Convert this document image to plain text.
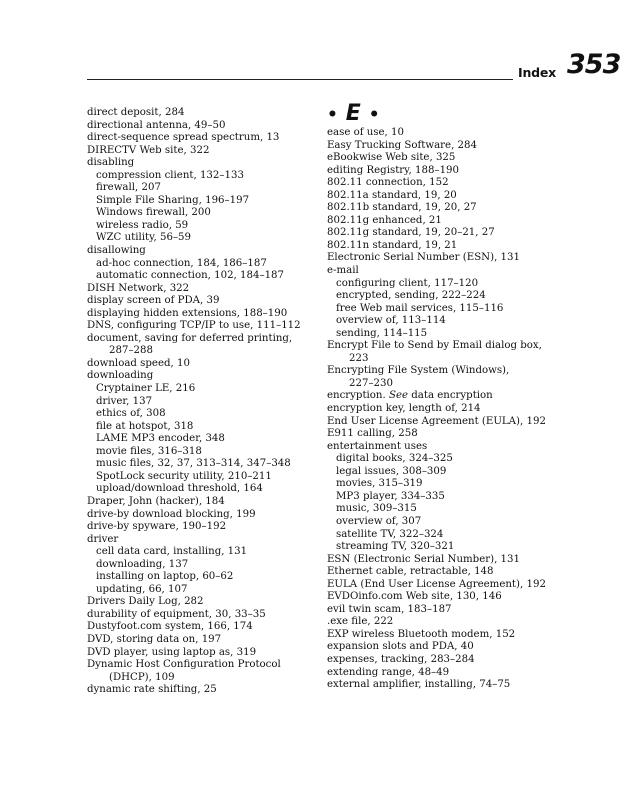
Index 353
direct deposit, 284
directional antenna, 49–50
direct-sequence spread spectrum, 13
DIRECTV Web site, 322
disabling
compression client, 132–133
firewall, 207
Simple File Sharing, 196–197
Windows firewall, 200
wireless radio, 59
WZC utility, 56–59
disallowing
ad-hoc connection, 184, 186–187
automatic connection, 102, 184–187
DISH Network, 322
display screen of PDA, 39
displaying hidden extensions, 188–190
DNS, configuring TCP/IP to use, 111–112
document, saving for deferred printing,
287–288
download speed, 10
downloading
Cryptainer LE, 216
driver, 137
ethics of, 308
file at hotspot, 318
LAME MP3 encoder, 348
movie files, 316–318
music files, 32, 37, 313–314, 347–348
SpotLock security utility, 210–211
upload/download threshold, 164
Draper, John (hacker), 184
drive-by download blocking, 199
drive-by spyware, 190–192
driver
cell data card, installing, 131
downloading, 137
installing on laptop, 60–62
updating, 66, 107
Drivers Daily Log, 282
durability of equipment, 30, 33–35
Dustyfoot.com system, 166, 174
DVD, storing data on, 197
DVD player, using laptop as, 319
Dynamic Host Configuration Protocol
(DHCP), 109
dynamic rate shifting, 25
• E •
ease of use, 10
Easy Trucking Software, 284
eBookwise Web site, 325
editing Registry, 188–190
802.11 connection, 152
802.11a standard, 19, 20
802.11b standard, 19, 20, 27
802.11g enhanced, 21
802.11g standard, 19, 20–21, 27
802.11n standard, 19, 21
Electronic Serial Number (ESN), 131
e-mail
configuring client, 117–120
encrypted, sending, 222–224
free Web mail services, 115–116
overview of, 113–114
sending, 114–115
Encrypt File to Send by Email dialog box,
223
Encrypting File System (Windows),
227–230
encryption. See data encryption
encryption key, length of, 214
End User License Agreement (EULA), 192
E911 calling, 258
entertainment uses
digital books, 324–325
legal issues, 308–309
movies, 315–319
MP3 player, 334–335
music, 309–315
overview of, 307
satellite TV, 322–324
streaming TV, 320–321
ESN (Electronic Serial Number), 131
Ethernet cable, retractable, 148
EULA (End User License Agreement), 192
EVDOinfo.com Web site, 130, 146
evil twin scam, 183–187
.exe file, 222
EXP wireless Bluetooth modem, 152
expansion slots and PDA, 40
expenses, tracking, 283–284
extending range, 48–49
external amplifier, installing, 74–75
